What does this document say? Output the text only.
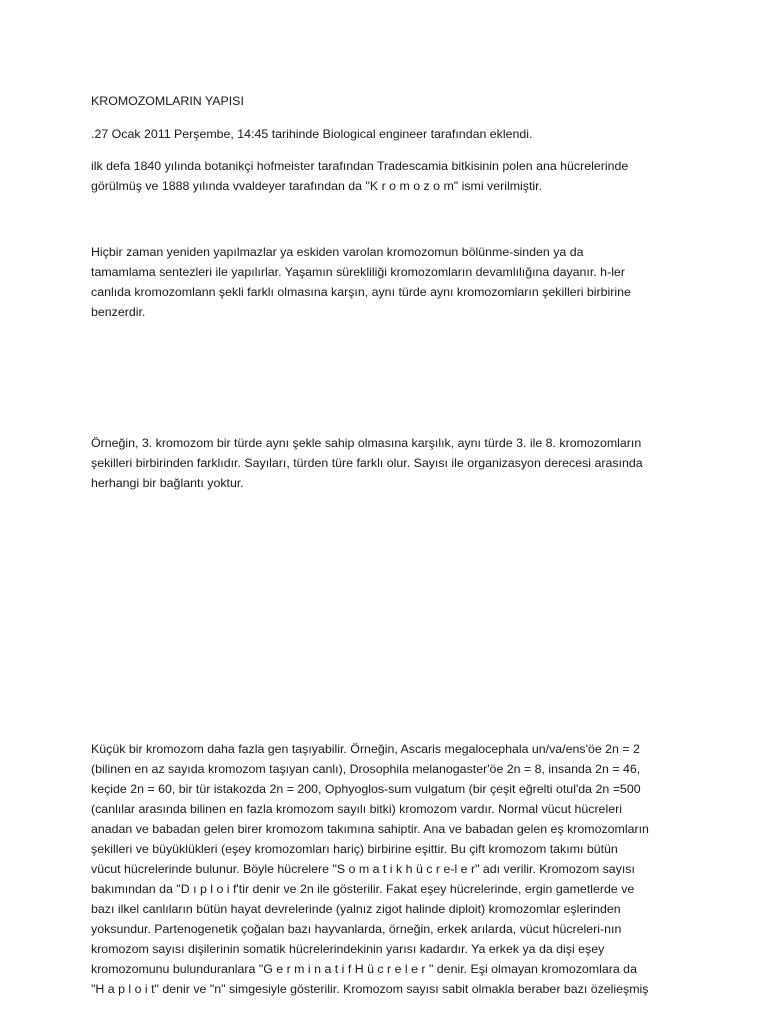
KROMOZOMLARIN YAPISI
.27 Ocak 2011 Perşembe, 14:45 tarihinde Biological engineer tarafından eklendi.
ilk defa 1840 yılında botanikçi hofmeister tarafından Tradescamia bitkisinin polen ana hücrelerinde
görülmüş ve 1888 yılında vvaldeyer tarafından da "K r o m o z o m" ismi verilmiştir.
Hiçbir zaman yeniden yapılmazlar ya eskiden varolan kromozomun bölünme-sinden ya da
tamamlama sentezleri ile yapılırlar. Yaşamın sürekliliği kromozomların devamlılığına dayanır. h-ler
canlıda kromozomlann şekli farklı olmasına karşın, aynı türde aynı kromozomların şekilleri birbirine
benzerdir.
Örneğin, 3. kromozom bir türde aynı şekle sahip olmasına karşılık, aynı türde 3. ile 8. kromozomların
şekilleri birbirinden farklıdır. Sayıları, türden türe farklı olur. Sayısı ile organizasyon derecesi arasında
herhangi bir bağlantı yoktur.
Küçük bir kromozom daha fazla gen taşıyabilir. Örneğin, Ascaris megalocephala un/va/ens'öe 2n = 2
(bilinen en az sayıda kromozom taşıyan canlı), Drosophila melanogaster'öe 2n = 8, insanda 2n = 46,
keçide 2n = 60, bir tür istakozda 2n = 200, Ophyoglos-sum vulgatum (bir çeşit eğrelti otul'da 2n =500
(canlılar arasında bilinen en fazla kromozom sayılı bitki) kromozom vardır. Normal vücut hücreleri
anadan ve babadan gelen birer kromozom takımına sahiptir. Ana ve babadan gelen eş kromozomların
şekilleri ve büyüklükleri (eşey kromozomları hariç) birbirine eşittir. Bu çift kromozom takımı bütün
vücut hücrelerinde bulunur. Böyle hücrelere "S o m a t i k h ü c r e-l e r" adı verilir. Kromozom sayısı
bakımından da "D ı p l o i f'tir denir ve 2n ile gösterilir. Fakat eşey hücrelerinde, ergin gametlerde ve
bazı ilkel canlıların bütün hayat devrelerinde (yalnız zigot halinde diploit) kromozomlar eşlerinden
yoksundur. Partenogenetik çoğalan bazı hayvanlarda, örneğin, erkek arılarda, vücut hücreleri-nın
kromozom sayısı dişilerinin somatik hücrelerindekinin yarısı kadardır. Ya erkek ya da dişi eşey
kromozomunu bulunduranlara "G e r m i n a t i f H ü c r e l e r " denir. Eşi olmayan kromozomlara da
"H a p l o i t" denir ve "n" simgesiyle gösterilir. Kromozom sayısı sabit olmakla beraber bazı özelieşmiş
